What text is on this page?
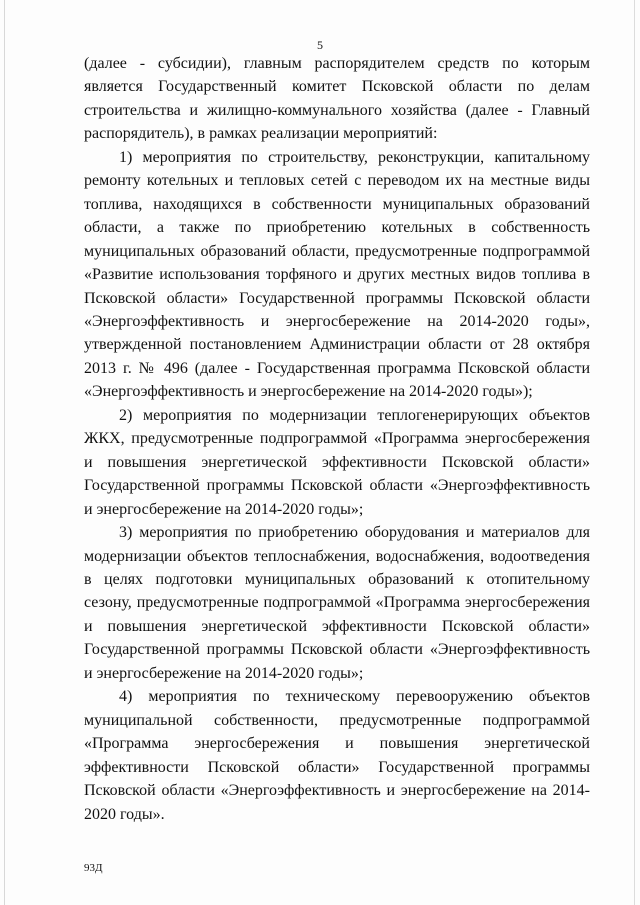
5

(далее - субсидии), главным распорядителем средств по которым является Государственный комитет Псковской области по делам строительства и жилищно-коммунального хозяйства (далее - Главный распорядитель), в рамках реализации мероприятий:

1) мероприятия по строительству, реконструкции, капитальному ремонту котельных и тепловых сетей с переводом их на местные виды топлива, находящихся в собственности муниципальных образований области, а также по приобретению котельных в собственность муниципальных образований области, предусмотренные подпрограммой «Развитие использования торфяного и других местных видов топлива в Псковской области» Государственной программы Псковской области «Энергоэффективность и энергосбережение на 2014-2020 годы», утвержденной постановлением Администрации области от 28 октября 2013 г. № 496 (далее - Государственная программа Псковской области «Энергоэффективность и энергосбережение на 2014-2020 годы»);

2) мероприятия по модернизации теплогенерирующих объектов ЖКХ, предусмотренные подпрограммой «Программа энергосбережения и повышения энергетической эффективности Псковской области» Государственной программы Псковской области «Энергоэффективность и энергосбережение на 2014-2020 годы»;

3) мероприятия по приобретению оборудования и материалов для модернизации объектов теплоснабжения, водоснабжения, водоотведения в целях подготовки муниципальных образований к отопительному сезону, предусмотренные подпрограммой «Программа энергосбережения и повышения энергетической эффективности Псковской области» Государственной программы Псковской области «Энергоэффективность и энергосбережение на 2014-2020 годы»;

4) мероприятия по техническому перевооружению объектов муниципальной собственности, предусмотренные подпрограммой «Программа энергосбережения и повышения энергетической эффективности Псковской области» Государственной программы Псковской области «Энергоэффективность и энергосбережение на 2014-2020 годы».

93Д
